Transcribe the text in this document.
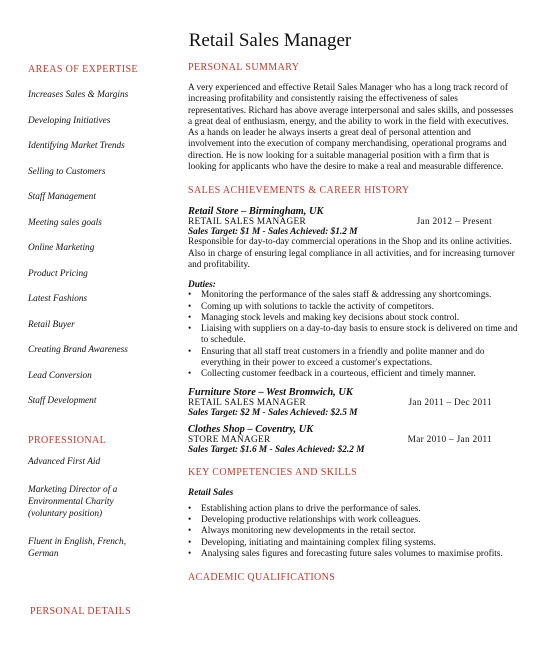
Retail Sales Manager
AREAS OF EXPERTISE
Increases Sales & Margins
Developing Initiatives
Identifying Market Trends
Selling to Customers
Staff Management
Meeting sales goals
Online Marketing
Product Pricing
Latest Fashions
Retail Buyer
Creating Brand Awareness
Lead Conversion
Staff Development
PROFESSIONAL
Advanced First Aid
Marketing Director of a Environmental Charity (voluntary position)
Fluent in English, French, German
PERSONAL DETAILS
PERSONAL SUMMARY

A very experienced and effective Retail Sales Manager who has a long track record of increasing profitability and consistently raising the effectiveness of sales representatives. Richard has above average interpersonal and sales skills, and possesses a great deal of enthusiasm, energy, and the ability to work in the field with executives. As a hands on leader he always inserts a great deal of personal attention and involvement into the execution of company merchandising, operational programs and direction. He is now looking for a suitable managerial position with a firm that is looking for applicants who have the desire to make a real and measurable difference.

SALES ACHIEVEMENTS & CAREER HISTORY
Retail Store – Birmingham, UK
RETAIL SALES MANAGER	Jan 2012 – Present
Sales Target: $1 M - Sales Achieved: $1.2 M

Responsible for day-to-day commercial operations in the Shop and its online activities. Also in charge of ensuring legal compliance in all activities, and for increasing turnover and profitability.

Duties:
• Monitoring the performance of the sales staff & addressing any shortcomings.
• Coming up with solutions to tackle the activity of competitors.
• Managing stock levels and making key decisions about stock control.
• Liaising with suppliers on a day-to-day basis to ensure stock is delivered on time and to schedule.
• Ensuring that all staff treat customers in a friendly and polite manner and do everything in their power to exceed a customer's expectations.
• Collecting customer feedback in a courteous, efficient and timely manner.
Furniture Store – West Bromwich, UK
RETAIL SALES MANAGER	Jan 2011 – Dec 2011
Sales Target: $2 M - Sales Achieved: $2.5 M
Clothes Shop – Coventry, UK
STORE MANAGER	Mar 2010 – Jan 2011
Sales Target: $1.6 M - Sales Achieved: $2.2 M
KEY COMPETENCIES AND SKILLS
Retail Sales
• Establishing action plans to drive the performance of sales.
• Developing productive relationships with work colleagues.
• Always monitoring new developments in the retail sector.
• Developing, initiating and maintaining complex filing systems.
• Analysing sales figures and forecasting future sales volumes to maximise profits.
ACADEMIC QUALIFICATIONS
